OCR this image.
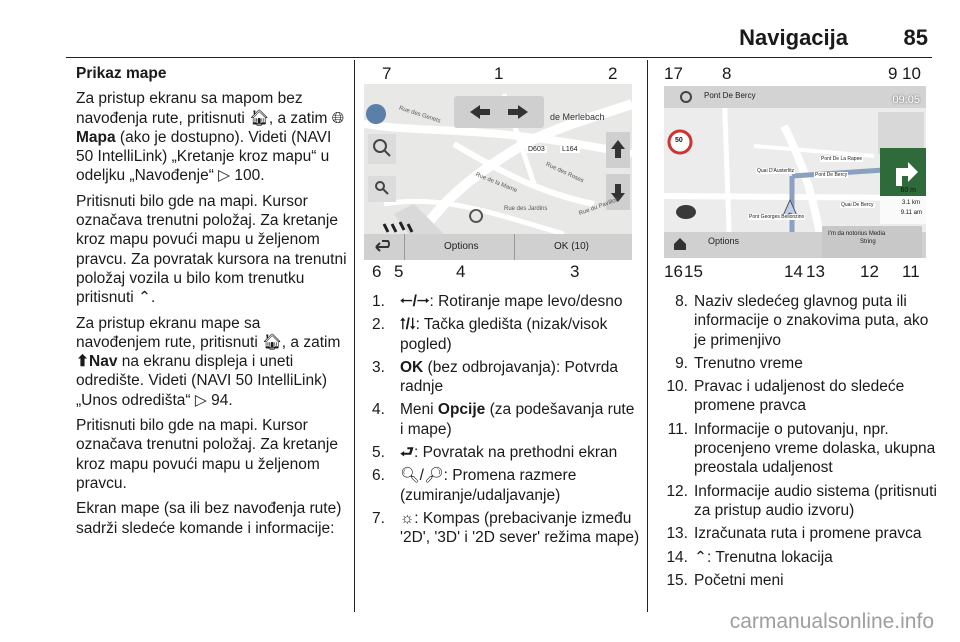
Navigacija	85

Prikaz mape

Za pristup ekranu sa mapom bez navođenja rute, pritisnuti 🏠︎, a zatim 🌐︎Mapa (ako je dostupno). Videti (NAVI 50 IntelliLink) „Kretanje kroz mapu“ u odeljku „Navođenje“ ▷ 100.

Pritisnuti bilo gde na mapi. Kursor označava trenutni položaj. Za kretanje kroz mapu povući mapu u željenom pravcu. Za povratak kursora na trenutni položaj vozila u bilo kom trenutku pritisnuti ⌃.

Za pristup ekranu mape sa navođenjem rute, pritisnuti 🏠︎, a zatim ⬆︎Nav na ekranu displeja i uneti odredište. Videti (NAVI 50 IntelliLink) „Unos odredišta“ ▷ 94.

Pritisnuti bilo gde na mapi. Kursor označava trenutni položaj. Za kretanje kroz mapu povući mapu u željenom pravcu.

Ekran mape (sa ili bez navođenja rute) sadrži sledeće komande i informacije:

7	1	2
de Merlebach
D603 L164
Rue des Genets
Rue de la Marne
Rue des Jardins	Rue du Pavillon
Rue des Roses
Options	OK (10)
6 5	4	3
1. 🠀/🠂: Rotiranje mape levo/desno
2. 🠁/🠃: Tačka gledišta (nizak/visok pogled)
3. OK (bez odbrojavanja): Potvrda radnje
4. Meni Opcije (za podešavanja rute i mape)
5. ⮐: Povratak na prethodni ekran
6. 🔍︎/🔎︎: Promena razmere (zumiranje/udaljavanje)
7. ☼: Kompas (prebacivanje između '2D', '3D' i '2D sever' režima mape)
17 8	9 10
Pont De Bercy	09:05
50
60 m
3.1 km
9.11 am
Options
I'm da notorius Media
String
Pont De La Rapee
Quai D'Austerlitz
Pont De Bercy
Quai De Bercy
Pont Georges Bellonzino
16 15	14 13 12 11
8. Naziv sledećeg glavnog puta ili informacije o znakovima puta, ako je primenjivo
9. Trenutno vreme
10. Pravac i udaljenost do sledeće promene pravca
11. Informacije o putovanju, npr. procenjeno vreme dolaska, ukupna preostala udaljenost
12. Informacije audio sistema (pritisnuti za pristup audio izvoru)
13. Izračunata ruta i promene pravca
14. ⌃: Trenutna lokacija
15. Početni meni
carmanualsonline.info
